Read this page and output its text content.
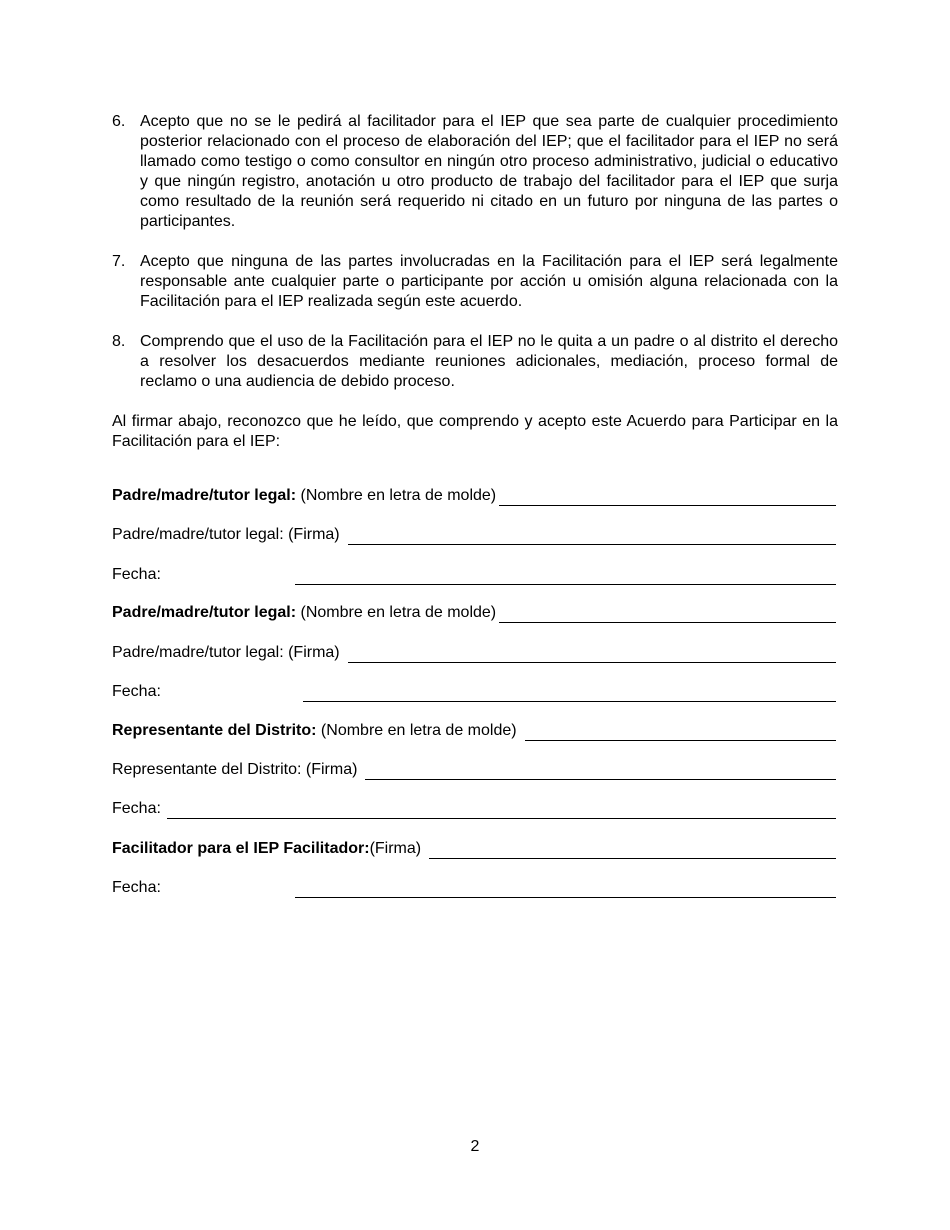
6. Acepto que no se le pedirá al facilitador para el IEP que sea parte de cualquier procedimiento posterior relacionado con el proceso de elaboración del IEP; que el facilitador para el IEP no será llamado como testigo o como consultor en ningún otro proceso administrativo, judicial o educativo y que ningún registro, anotación u otro producto de trabajo del facilitador para el IEP que surja como resultado de la reunión será requerido ni citado en un futuro por ninguna de las partes o participantes.

7. Acepto que ninguna de las partes involucradas en la Facilitación para el IEP será legalmente responsable ante cualquier parte o participante por acción u omisión alguna relacionada con la Facilitación para el IEP realizada según este acuerdo.

8. Comprendo que el uso de la Facilitación para el IEP no le quita a un padre o al distrito el derecho a resolver los desacuerdos mediante reuniones adicionales, mediación, proceso formal de reclamo o una audiencia de debido proceso.

Al firmar abajo, reconozco que he leído, que comprendo y acepto este Acuerdo para Participar en la Facilitación para el IEP:

Padre/madre/tutor legal: (Nombre en letra de molde)
Padre/madre/tutor legal: (Firma)
Fecha:
Padre/madre/tutor legal: (Nombre en letra de molde)
Padre/madre/tutor legal: (Firma)
Fecha:
Representante del Distrito: (Nombre en letra de molde)
Representante del Distrito: (Firma)
Fecha:
Facilitador para el IEP Facilitador:(Firma)
Fecha:
2
